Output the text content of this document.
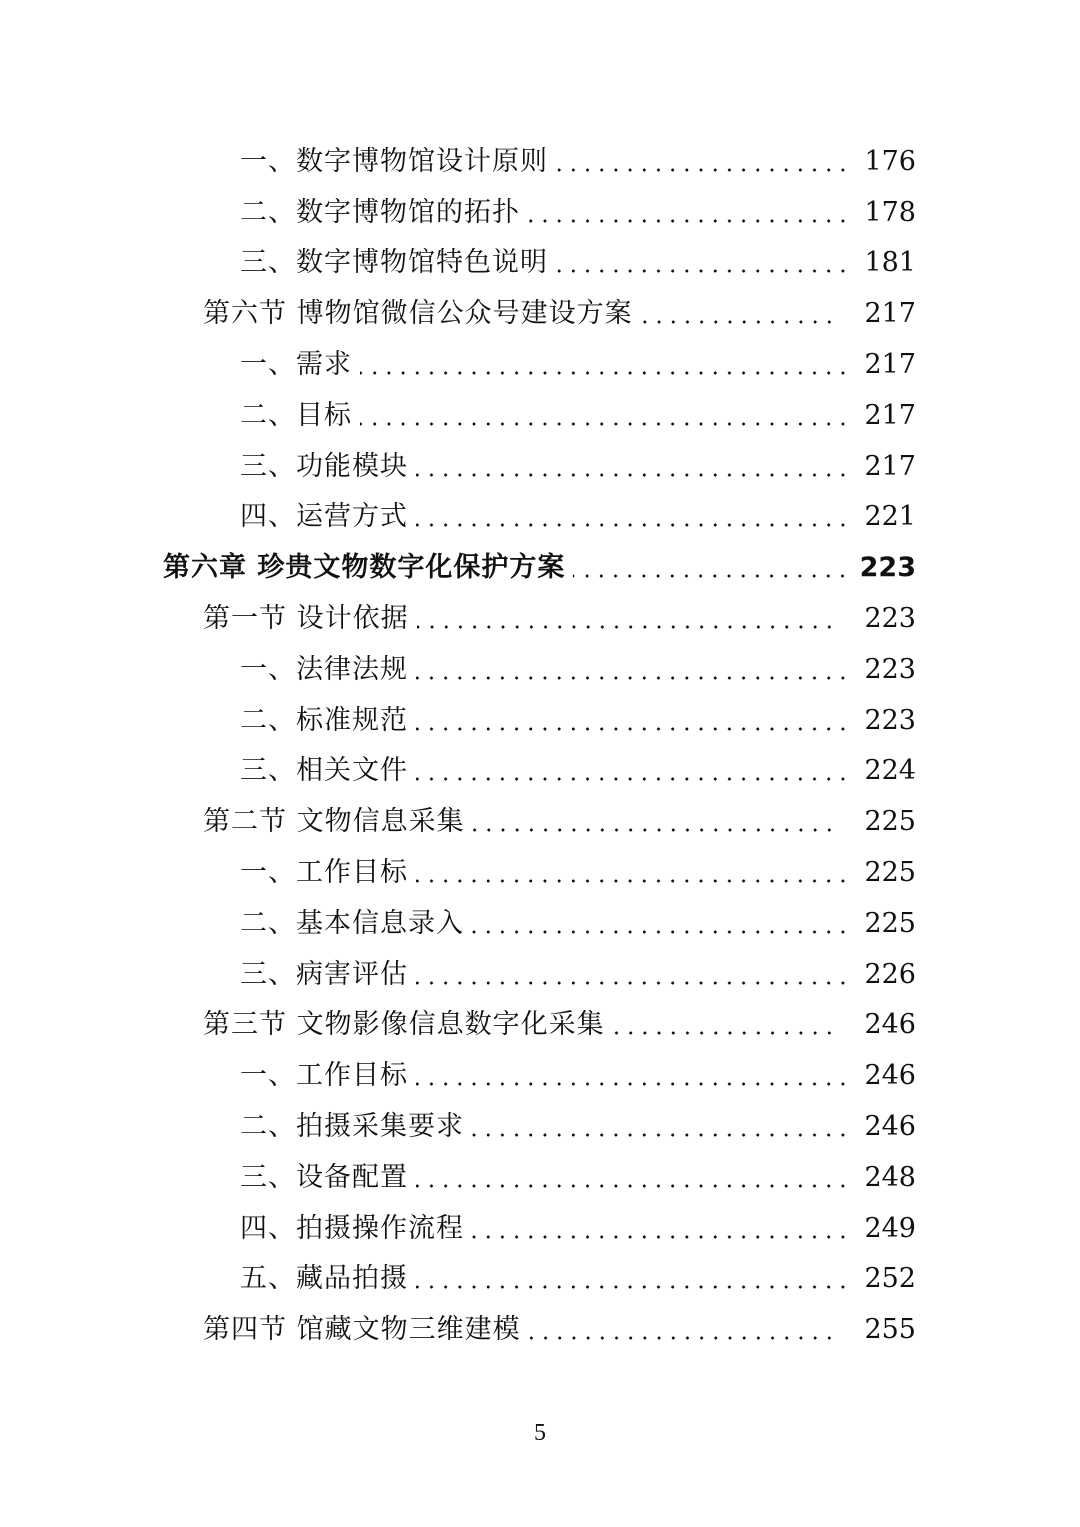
一、数字博物馆设计原则	176
二、数字博物馆的拓扑	178
三、数字博物馆特色说明	181
第六节 博物馆微信公众号建设方案	217
一、需求	217
二、目标	217
三、功能模块	217
四、运营方式	221
第六章 珍贵文物数字化保护方案	223
第一节 设计依据	223
一、法律法规	223
二、标准规范	223
三、相关文件	224
第二节 文物信息采集	225
一、工作目标	225
二、基本信息录入	225
三、病害评估	226
第三节 文物影像信息数字化采集	246
一、工作目标	246
二、拍摄采集要求	246
三、设备配置	248
四、拍摄操作流程	249
五、藏品拍摄	252
第四节 馆藏文物三维建模	255
5
